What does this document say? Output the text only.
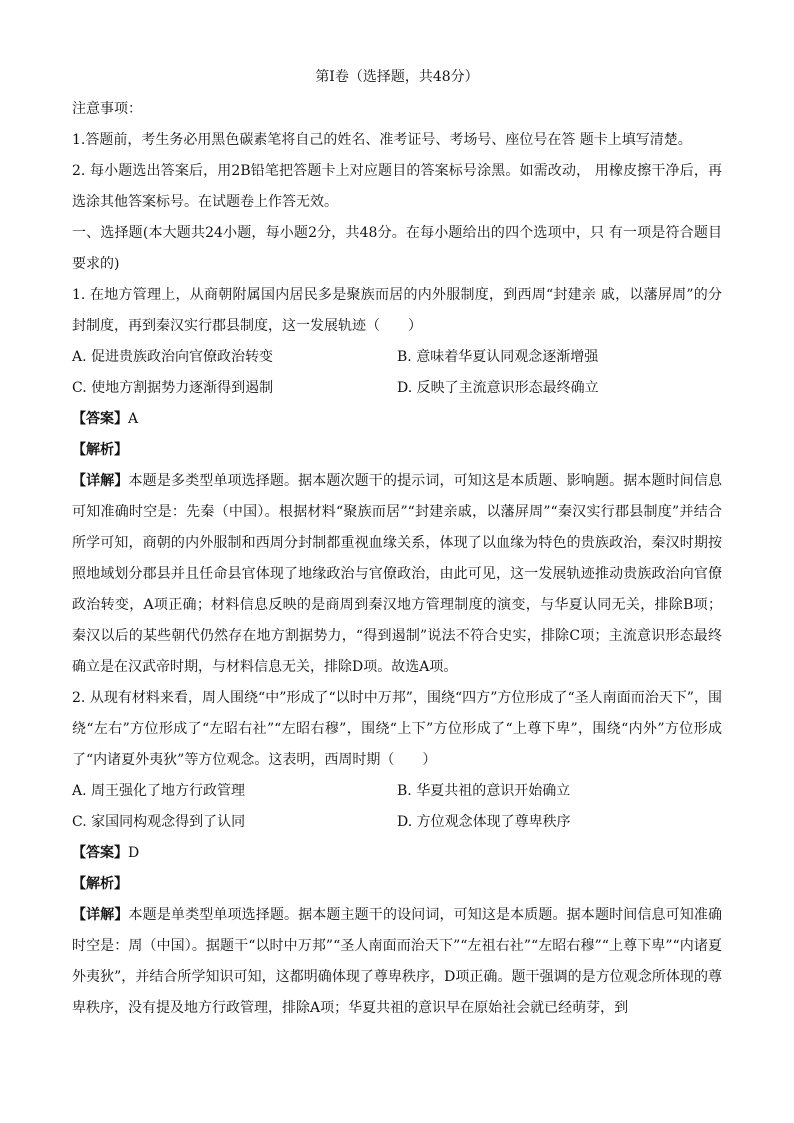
第Ⅰ卷（选择题，共48分）

注意事项：

1.答题前，考生务必用黑色碳素笔将自己的姓名、准考证号、考场号、座位号在答 题卡上填写清楚。

2. 每小题选出答案后，用2B铅笔把答题卡上对应题目的答案标号涂黑。如需改动， 用橡皮擦干净后，再选涂其他答案标号。在试题卷上作答无效。

一、选择题(本大题共24小题，每小题2分，共48分。在每小题给出的四个选项中，只 有一项是符合题目要求的)

1. 在地方管理上，从商朝附属国内居民多是聚族而居的内外服制度，到西周“封建亲 戚，以藩屏周”的分封制度，再到秦汉实行郡县制度，这一发展轨迹（　　）

A. 促进贵族政治向官僚政治转变	B. 意味着华夏认同观念逐渐增强
C. 使地方割据势力逐渐得到遏制	D. 反映了主流意识形态最终确立

【答案】A

【解析】

【详解】本题是多类型单项选择题。据本题次题干的提示词，可知这是本质题、影响题。据本题时间信息可知准确时空是：先秦（中国）。根据材料“聚族而居”“封建亲戚，以藩屏周”“秦汉实行郡县制度”并结合所学可知，商朝的内外服制和西周分封制都重视血缘关系，体现了以血缘为特色的贵族政治，秦汉时期按照地域划分郡县并且任命县官体现了地缘政治与官僚政治，由此可见，这一发展轨迹推动贵族政治向官僚政治转变，A项正确；材料信息反映的是商周到秦汉地方管理制度的演变，与华夏认同无关，排除B项；秦汉以后的某些朝代仍然存在地方割据势力，“得到遏制”说法不符合史实，排除C项；主流意识形态最终确立是在汉武帝时期，与材料信息无关，排除D项。故选A项。

2. 从现有材料来看，周人围绕“中”形成了“以时中万邦”，围绕“四方”方位形成了“圣人南面而治天下”，围绕“左右”方位形成了“左昭右社”“左昭右穆”，围绕“上下”方位形成了“上尊下卑”，围绕“内外”方位形成了“内诸夏外夷狄”等方位观念。这表明，西周时期（　　）

A. 周王强化了地方行政管理	B. 华夏共祖的意识开始确立
C. 家国同构观念得到了认同	D. 方位观念体现了尊卑秩序

【答案】D

【解析】

【详解】本题是单类型单项选择题。据本题主题干的设问词，可知这是本质题。据本题时间信息可知准确时空是：周（中国）。据题干“以时中万邦”“圣人南面而治天下”“左祖右社”“左昭右穆”“上尊下卑”“内诸夏外夷狄”，并结合所学知识可知，这都明确体现了尊卑秩序，D项正确。题干强调的是方位观念所体现的尊卑秩序，没有提及地方行政管理，排除A项；华夏共祖的意识早在原始社会就已经萌芽，到
